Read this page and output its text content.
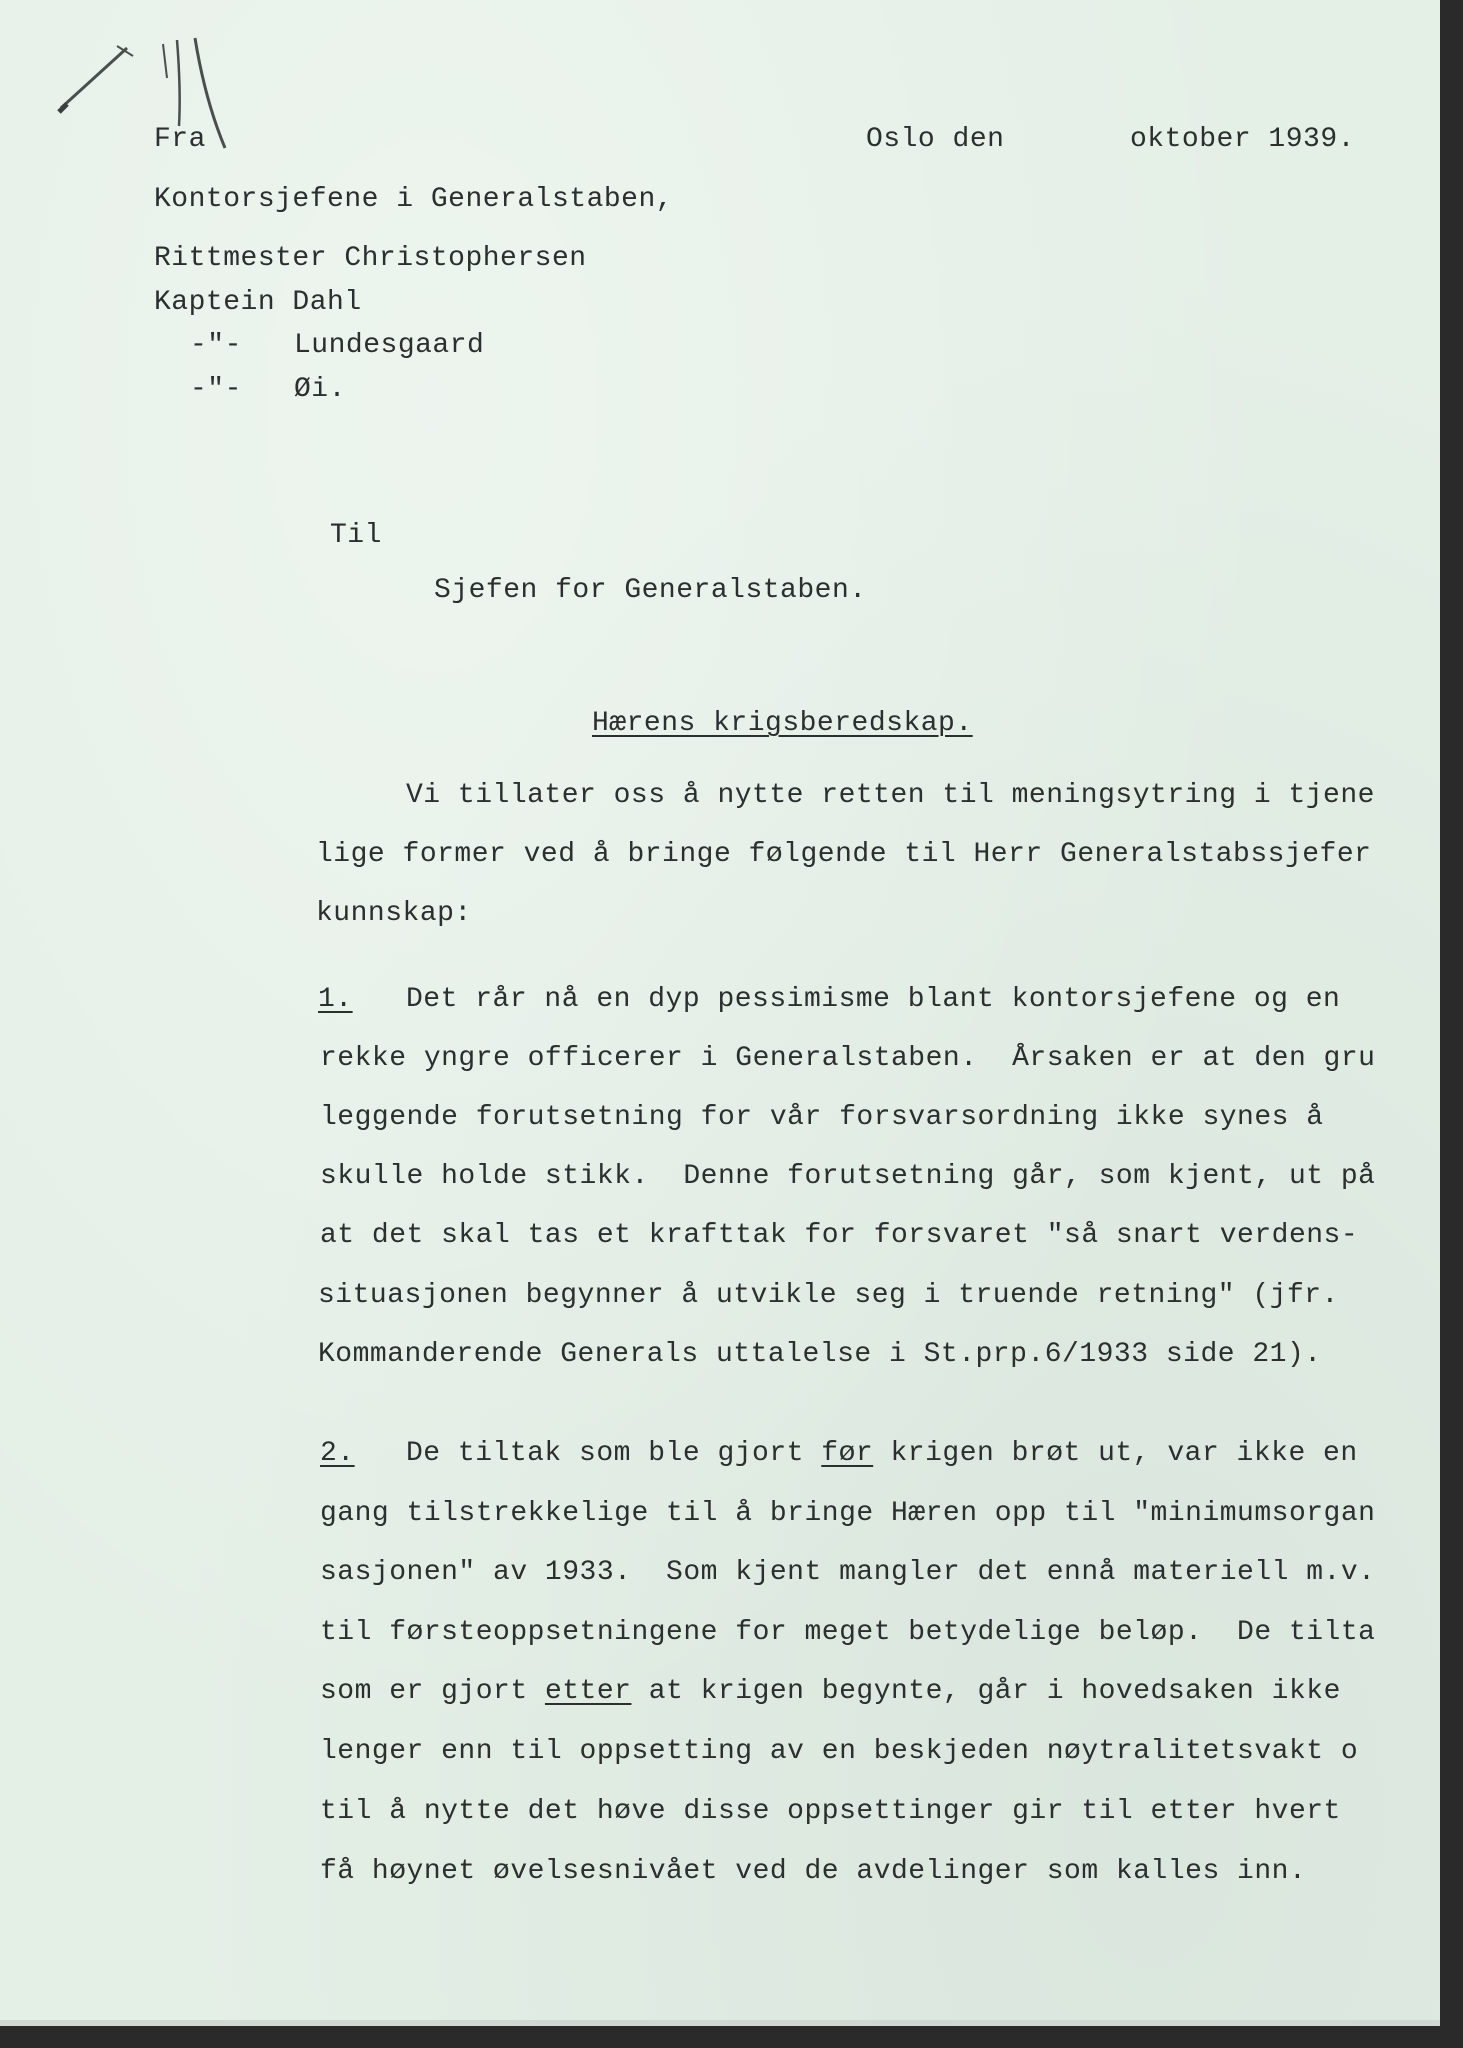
Fra	Oslo den	oktober 1939.
Kontorsjefene i Generalstaben,
Rittmester Christophersen
Kaptein Dahl
-"- Lundesgaard
-"- Øi.
Til
Sjefen for Generalstaben.
Hærens krigsberedskap.
Vi tillater oss å nytte retten til meningsytring i tjene
lige former ved å bringe følgende til Herr Generalstabssjefer
kunnskap:
1. Det rår nå en dyp pessimisme blant kontorsjefene og en
rekke yngre officerer i Generalstaben.  Årsaken er at den gru
leggende forutsetning for vår forsvarsordning ikke synes å
skulle holde stikk.  Denne forutsetning går, som kjent, ut på
at det skal tas et krafttak for forsvaret "så snart verdens-
situasjonen begynner å utvikle seg i truende retning" (jfr.
Kommanderende Generals uttalelse i St.prp.6/1933 side 21).
2. De tiltak som ble gjort før krigen brøt ut, var ikke en
gang tilstrekkelige til å bringe Hæren opp til "minimumsorgan
sasjonen" av 1933.  Som kjent mangler det ennå materiell m.v.
til førsteoppsetningene for meget betydelige beløp.  De tilta
som er gjort etter at krigen begynte, går i hovedsaken ikke
lenger enn til oppsetting av en beskjeden nøytralitetsvakt o
til å nytte det høve disse oppsettinger gir til etter hvert
få høynet øvelsesnivået ved de avdelinger som kalles inn.
